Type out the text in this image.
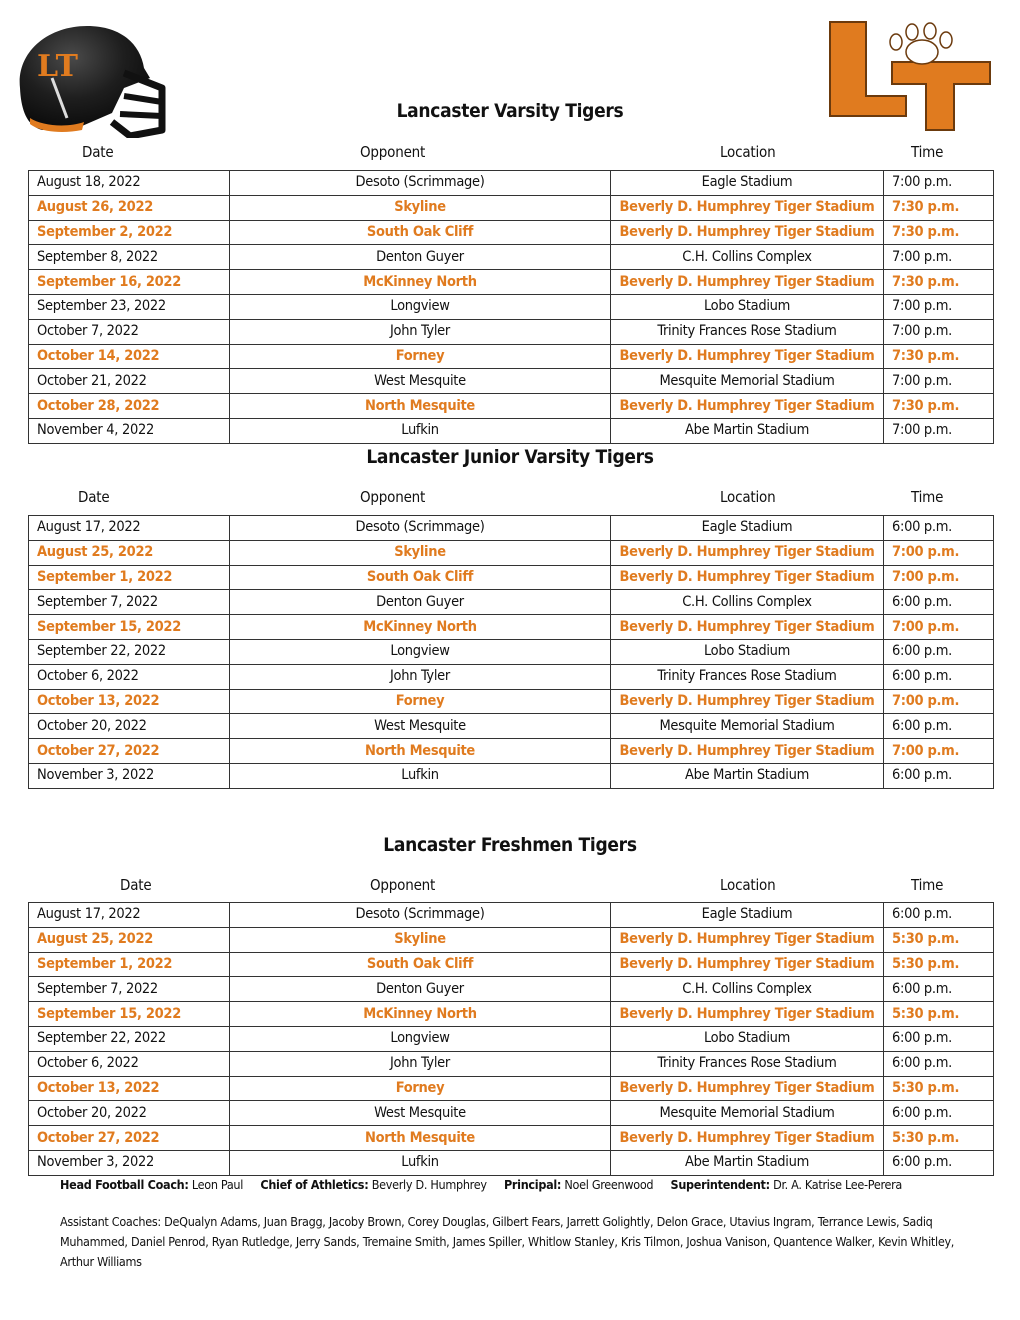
LT
Lancaster Varsity Tigers
Date	Opponent	Location	Time
August 18, 2022	Desoto (Scrimmage)	Eagle Stadium	7:00 p.m.
August 26, 2022	Skyline	Beverly D. Humphrey Tiger Stadium	7:30 p.m.
September 2, 2022	South Oak Cliff	Beverly D. Humphrey Tiger Stadium	7:30 p.m.
September 8, 2022	Denton Guyer	C.H. Collins Complex	7:00 p.m.
September 16, 2022	McKinney North	Beverly D. Humphrey Tiger Stadium	7:30 p.m.
September 23, 2022	Longview	Lobo Stadium	7:00 p.m.
October 7, 2022	John Tyler	Trinity Frances Rose Stadium	7:00 p.m.
October 14, 2022	Forney	Beverly D. Humphrey Tiger Stadium	7:30 p.m.
October 21, 2022	West Mesquite	Mesquite Memorial Stadium	7:00 p.m.
October 28, 2022	North Mesquite	Beverly D. Humphrey Tiger Stadium	7:30 p.m.
November 4, 2022	Lufkin	Abe Martin Stadium	7:00 p.m.
Lancaster Junior Varsity Tigers
Date	Opponent	Location	Time
August 17, 2022	Desoto (Scrimmage)	Eagle Stadium	6:00 p.m.
August 25, 2022	Skyline	Beverly D. Humphrey Tiger Stadium	7:00 p.m.
September 1, 2022	South Oak Cliff	Beverly D. Humphrey Tiger Stadium	7:00 p.m.
September 7, 2022	Denton Guyer	C.H. Collins Complex	6:00 p.m.
September 15, 2022	McKinney North	Beverly D. Humphrey Tiger Stadium	7:00 p.m.
September 22, 2022	Longview	Lobo Stadium	6:00 p.m.
October 6, 2022	John Tyler	Trinity Frances Rose Stadium	6:00 p.m.
October 13, 2022	Forney	Beverly D. Humphrey Tiger Stadium	7:00 p.m.
October 20, 2022	West Mesquite	Mesquite Memorial Stadium	6:00 p.m.
October 27, 2022	North Mesquite	Beverly D. Humphrey Tiger Stadium	7:00 p.m.
November 3, 2022	Lufkin	Abe Martin Stadium	6:00 p.m.
Lancaster Freshmen Tigers
Date	Opponent	Location	Time
August 17, 2022	Desoto (Scrimmage)	Eagle Stadium	6:00 p.m.
August 25, 2022	Skyline	Beverly D. Humphrey Tiger Stadium	5:30 p.m.
September 1, 2022	South Oak Cliff	Beverly D. Humphrey Tiger Stadium	5:30 p.m.
September 7, 2022	Denton Guyer	C.H. Collins Complex	6:00 p.m.
September 15, 2022	McKinney North	Beverly D. Humphrey Tiger Stadium	5:30 p.m.
September 22, 2022	Longview	Lobo Stadium	6:00 p.m.
October 6, 2022	John Tyler	Trinity Frances Rose Stadium	6:00 p.m.
October 13, 2022	Forney	Beverly D. Humphrey Tiger Stadium	5:30 p.m.
October 20, 2022	West Mesquite	Mesquite Memorial Stadium	6:00 p.m.
October 27, 2022	North Mesquite	Beverly D. Humphrey Tiger Stadium	5:30 p.m.
November 3, 2022	Lufkin	Abe Martin Stadium	6:00 p.m.
Head Football Coach: Leon Paul Chief of Athletics: Beverly D. Humphrey Principal: Noel Greenwood Superintendent: Dr. A. Katrise Lee-Perera
Assistant Coaches: DeQualyn Adams, Juan Bragg, Jacoby Brown, Corey Douglas, Gilbert Fears, Jarrett Golightly, Delon Grace, Utavius Ingram, Terrance Lewis, Sadiq Muhammed, Daniel Penrod, Ryan Rutledge, Jerry Sands, Tremaine Smith, James Spiller, Whitlow Stanley, Kris Tilmon, Joshua Vanison, Quantence Walker, Kevin Whitley, Arthur Williams
